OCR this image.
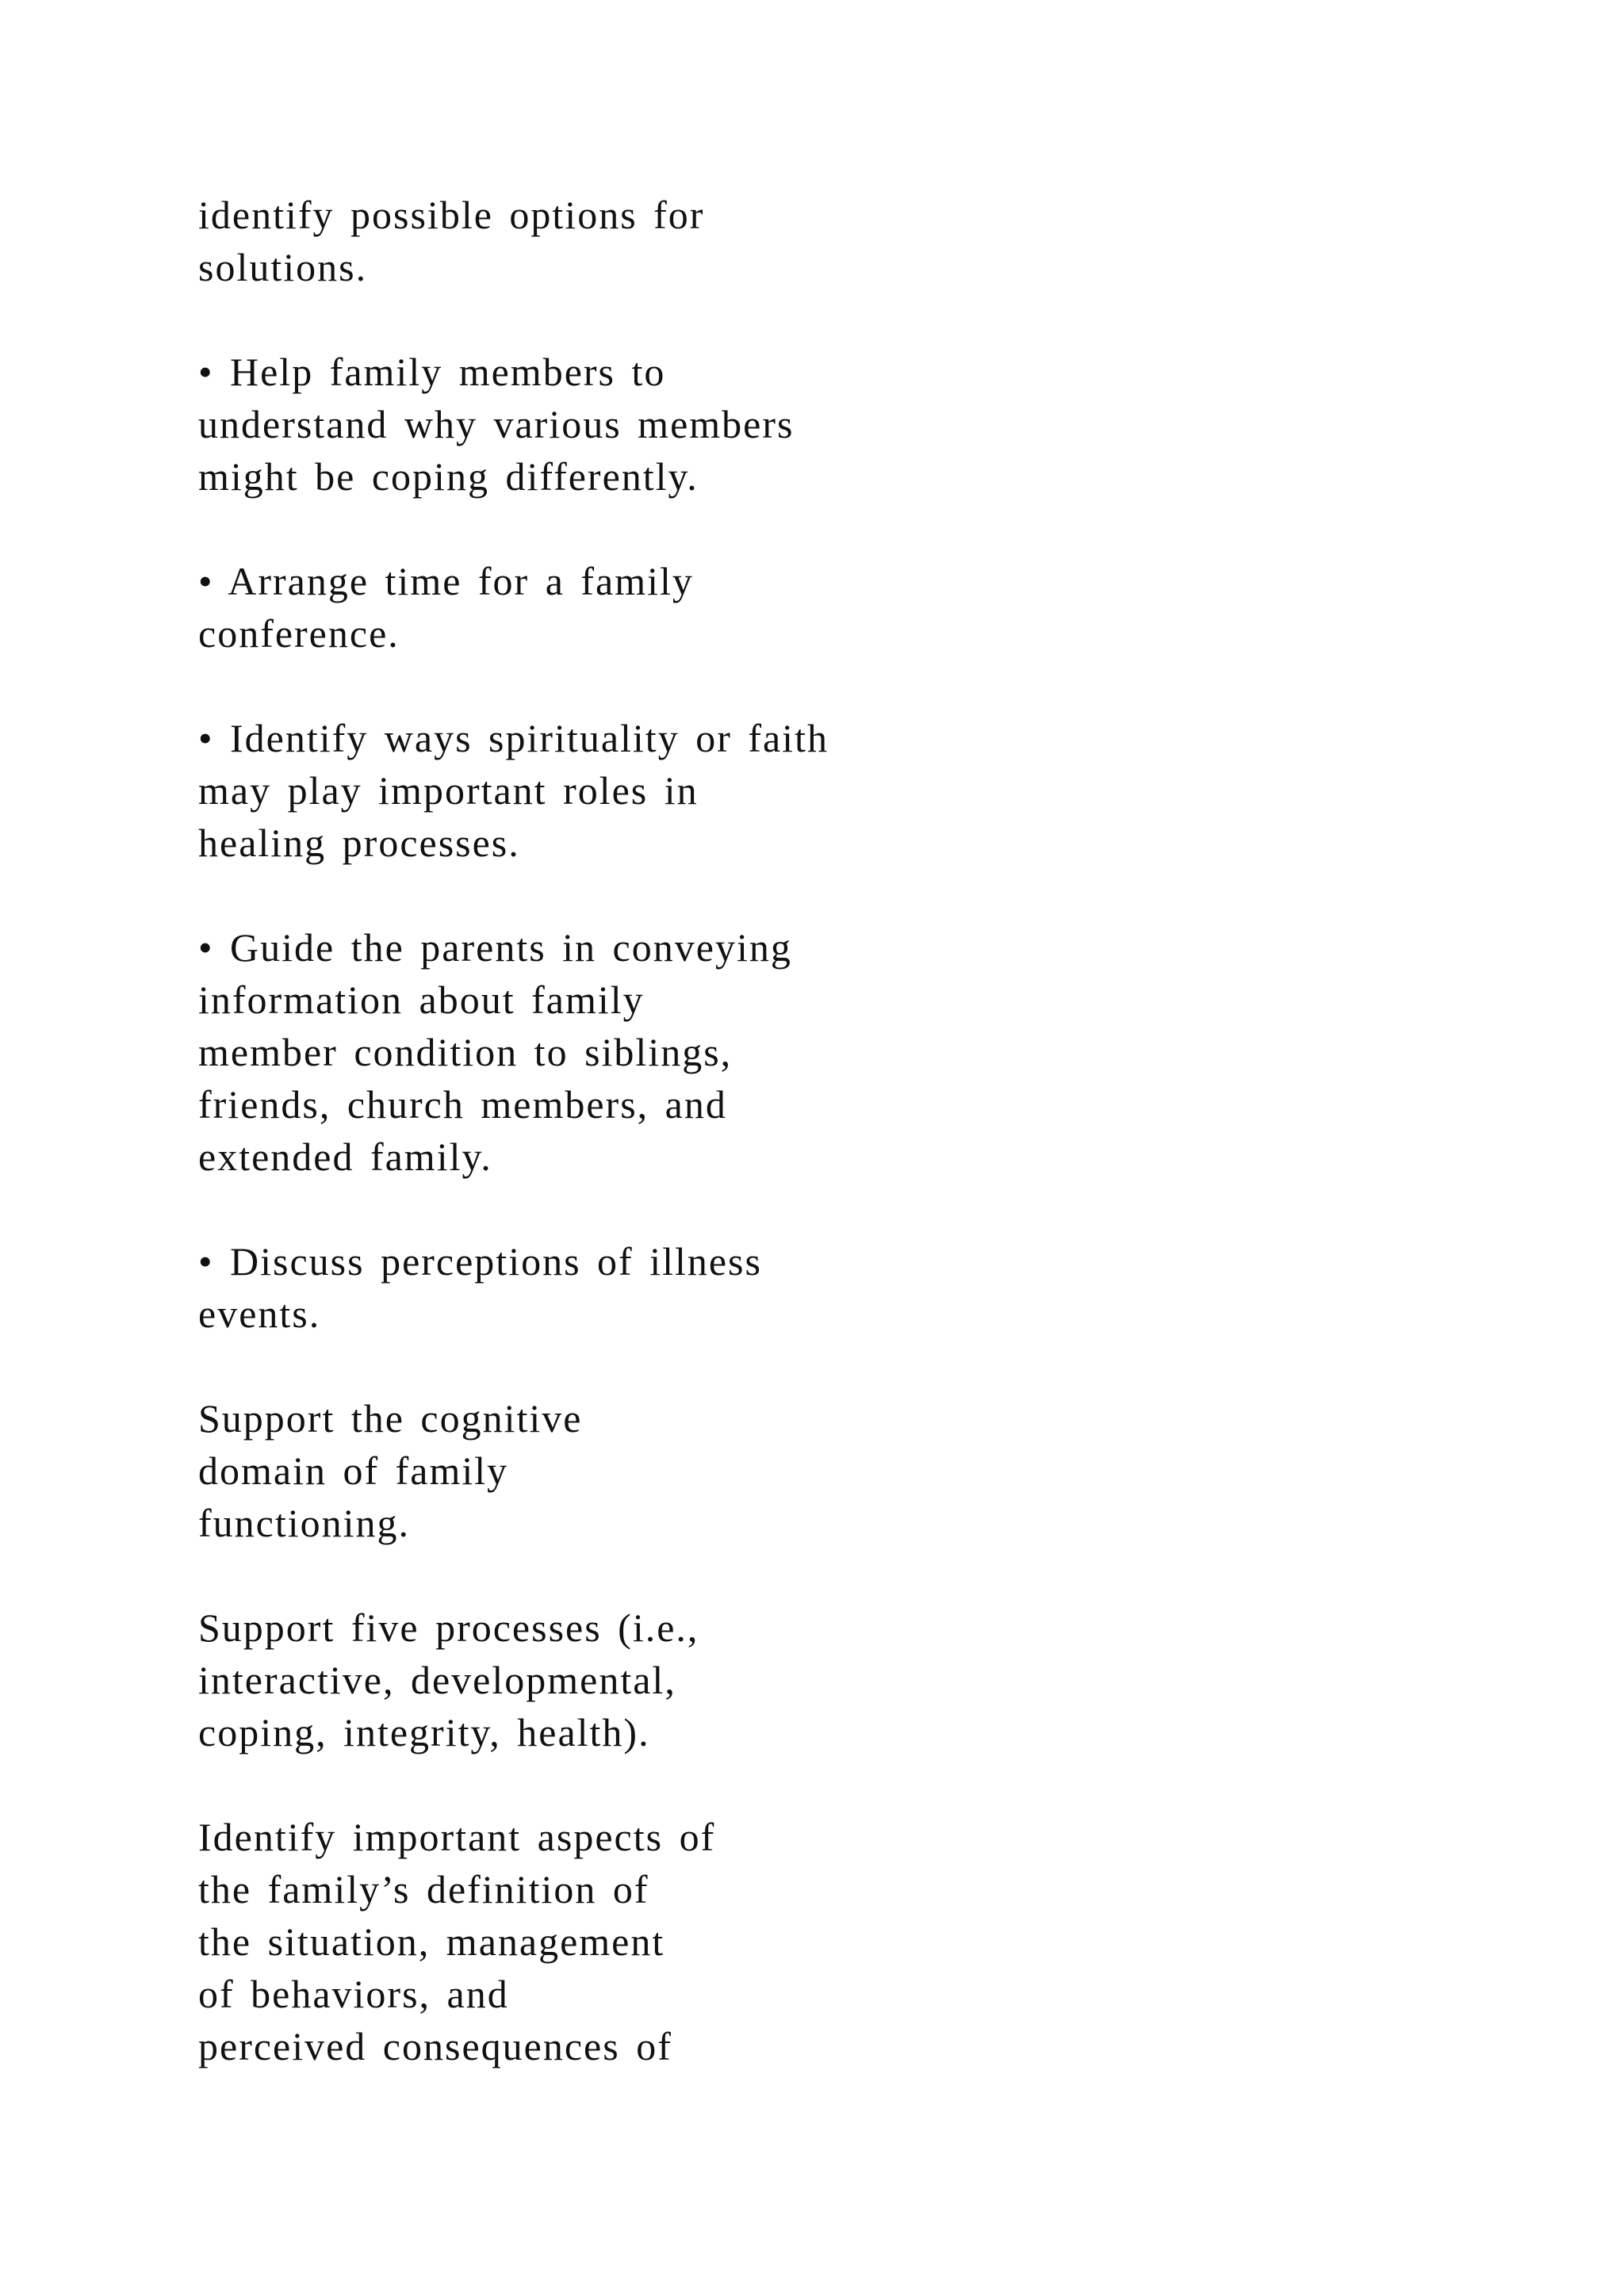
identify possible options for
solutions.

• Help family members to
understand why various members
might be coping differently.

• Arrange time for a family
conference.

• Identify ways spirituality or faith
may play important roles in
healing processes.

• Guide the parents in conveying
information about family
member condition to siblings,
friends, church members, and
extended family.

• Discuss perceptions of illness
events.

Support the cognitive
domain of family
functioning.

Support five processes (i.e.,
interactive, developmental,
coping, integrity, health).

Identify important aspects of
the family’s definition of
the situation, management
of behaviors, and
perceived consequences of
